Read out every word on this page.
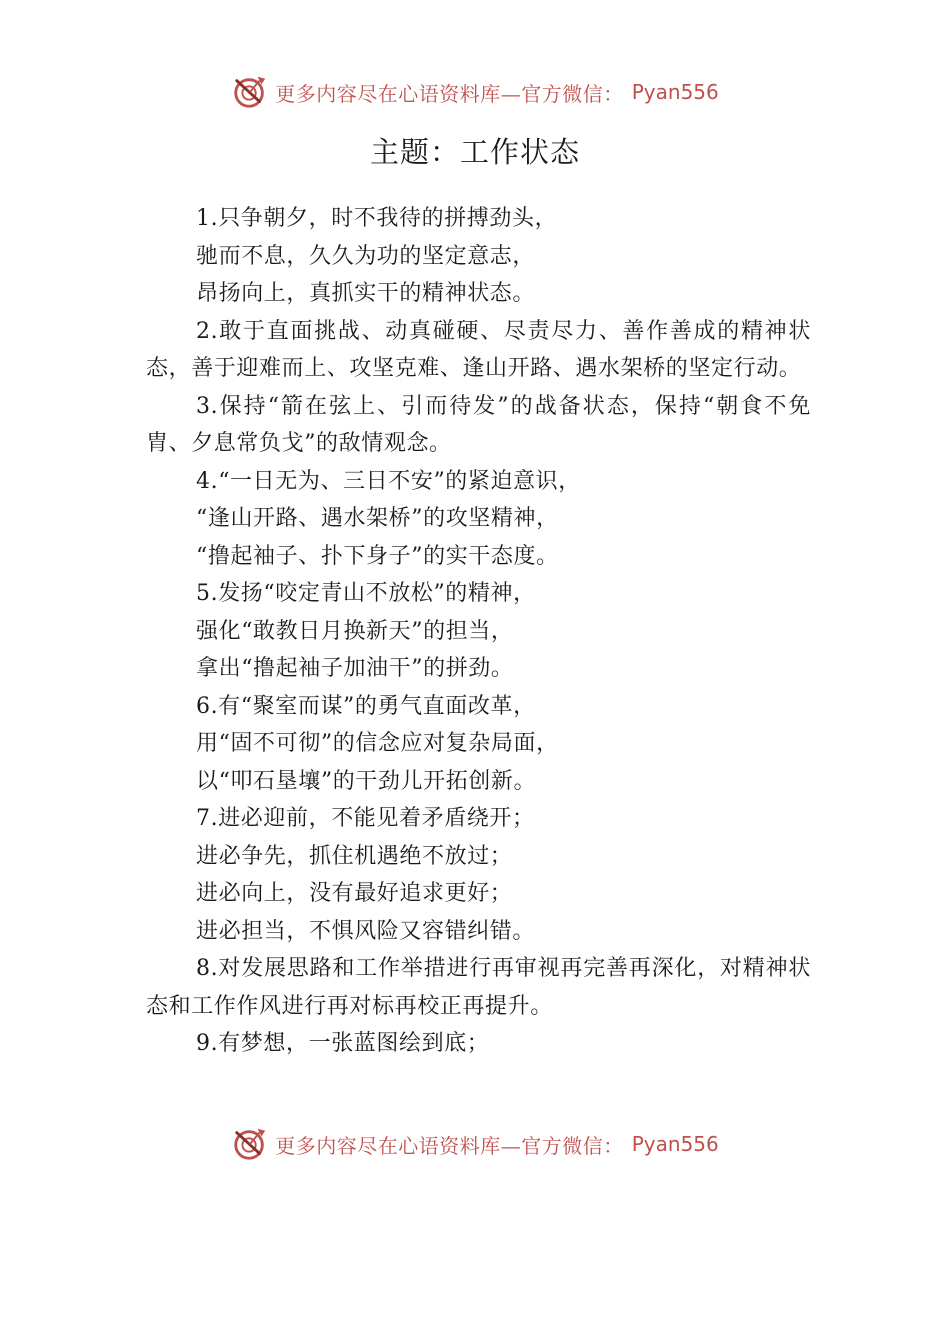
更多内容尽在心语资料库—官方微信： Pyan556
主题：工作状态

1.只争朝夕，时不我待的拼搏劲头，

驰而不息，久久为功的坚定意志，

昂扬向上，真抓实干的精神状态。

2.敢于直面挑战、动真碰硬、尽责尽力、善作善成的精神状态，善于迎难而上、攻坚克难、逢山开路、遇水架桥的坚定行动。

3.保持“箭在弦上、引而待发”的战备状态，保持“朝食不免胄、夕息常负戈”的敌情观念。

4.“一日无为、三日不安”的紧迫意识，

“逢山开路、遇水架桥”的攻坚精神，

“撸起袖子、扑下身子”的实干态度。

5.发扬“咬定青山不放松”的精神，

强化“敢教日月换新天”的担当，

拿出“撸起袖子加油干”的拼劲。

6.有“聚室而谋”的勇气直面改革，

用“固不可彻”的信念应对复杂局面，

以“叩石垦壤”的干劲儿开拓创新。

7.进必迎前，不能见着矛盾绕开；

进必争先，抓住机遇绝不放过；

进必向上，没有最好追求更好；

进必担当，不惧风险又容错纠错。

8.对发展思路和工作举措进行再审视再完善再深化，对精神状态和工作作风进行再对标再校正再提升。

9.有梦想，一张蓝图绘到底；

更多内容尽在心语资料库—官方微信： Pyan556
